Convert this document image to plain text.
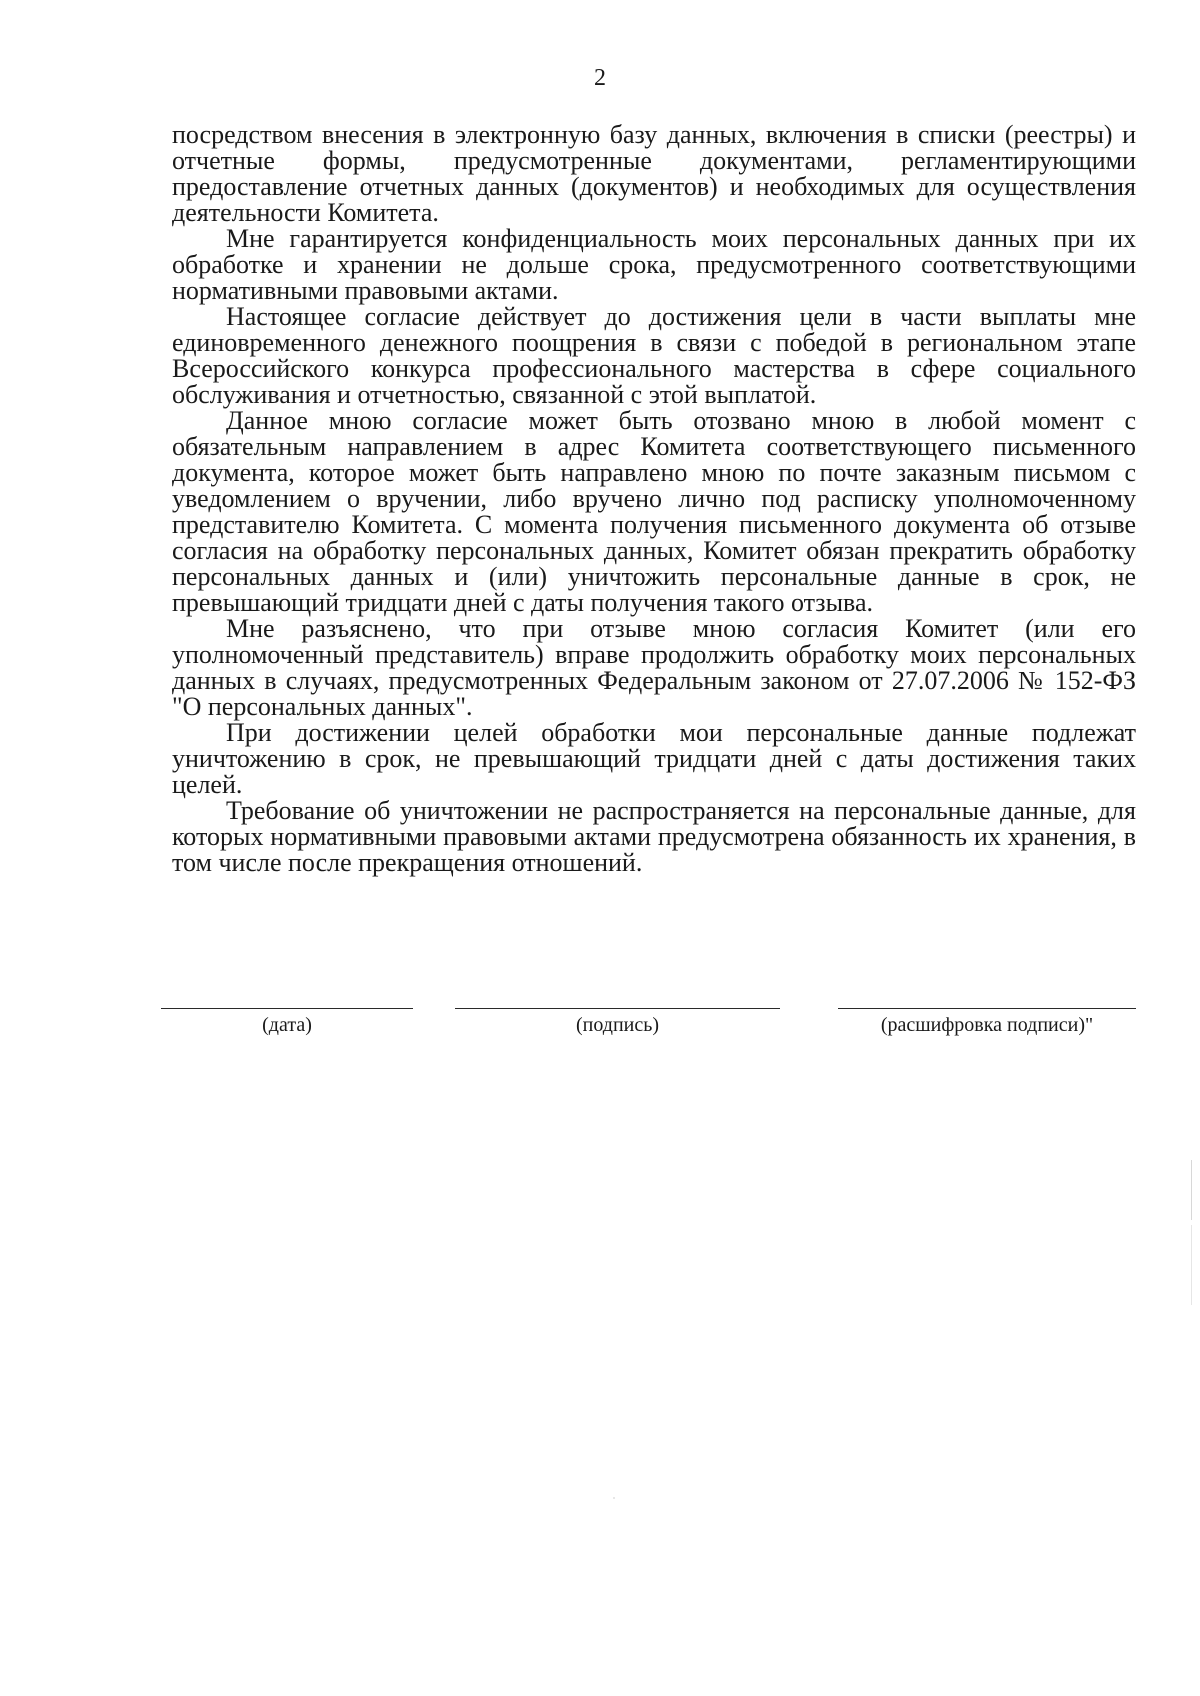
2

посредством внесения в электронную базу данных, включения в списки (реестры) и отчетные формы, предусмотренные документами, регламентирующими предоставление отчетных данных (документов) и необходимых для осуществления деятельности Комитета.

Мне гарантируется конфиденциальность моих персональных данных при их обработке и хранении не дольше срока, предусмотренного соответствующими нормативными правовыми актами.

Настоящее согласие действует до достижения цели в части выплаты мне единовременного денежного поощрения в связи с победой в региональном этапе Всероссийского конкурса профессионального мастерства в сфере социального обслуживания и отчетностью, связанной с этой выплатой.

Данное мною согласие может быть отозвано мною в любой момент с обязательным направлением в адрес Комитета соответствующего письменного документа, которое может быть направлено мною по почте заказным письмом с уведомлением о вручении, либо вручено лично под расписку уполномоченному представителю Комитета. С момента получения письменного документа об отзыве согласия на обработку персональных данных, Комитет обязан прекратить обработку персональных данных и (или) уничтожить персональные данные в срок, не превышающий тридцати дней с даты получения такого отзыва.

Мне разъяснено, что при отзыве мною согласия Комитет (или его уполномоченный представитель) вправе продолжить обработку моих персональных данных в случаях, предусмотренных Федеральным законом от 27.07.2006 № 152-ФЗ "О персональных данных".

При достижении целей обработки мои персональные данные подлежат уничтожению в срок, не превышающий тридцати дней с даты достижения таких целей.

Требование об уничтожении не распространяется на персональные данные, для которых нормативными правовыми актами предусмотрена обязанность их хранения, в том числе после прекращения отношений.

(дата)	(подпись)	(расшифровка подписи)"
